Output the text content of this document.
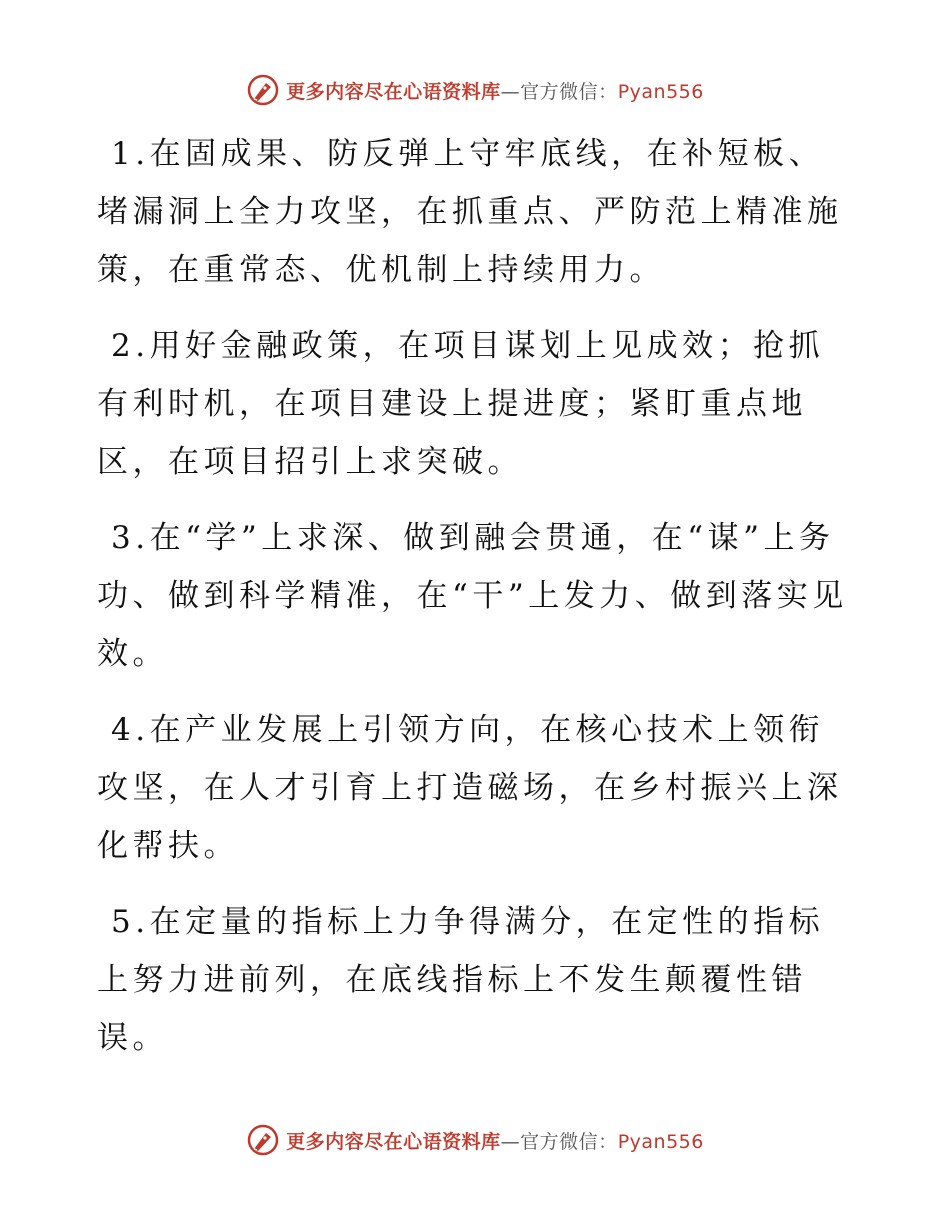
更多内容尽在心语资料库—官方微信：Pyan556

1.在固成果、防反弹上守牢底线，在补短板、堵漏洞上全力攻坚，在抓重点、严防范上精准施策，在重常态、优机制上持续用力。

2.用好金融政策，在项目谋划上见成效；抢抓有利时机，在项目建设上提进度；紧盯重点地区，在项目招引上求突破。

3.在“学”上求深、做到融会贯通，在“谋”上务功、做到科学精准，在“干”上发力、做到落实见效。

4.在产业发展上引领方向，在核心技术上领衔攻坚，在人才引育上打造磁场，在乡村振兴上深化帮扶。

5.在定量的指标上力争得满分，在定性的指标上努力进前列，在底线指标上不发生颠覆性错误。

更多内容尽在心语资料库—官方微信：Pyan556
